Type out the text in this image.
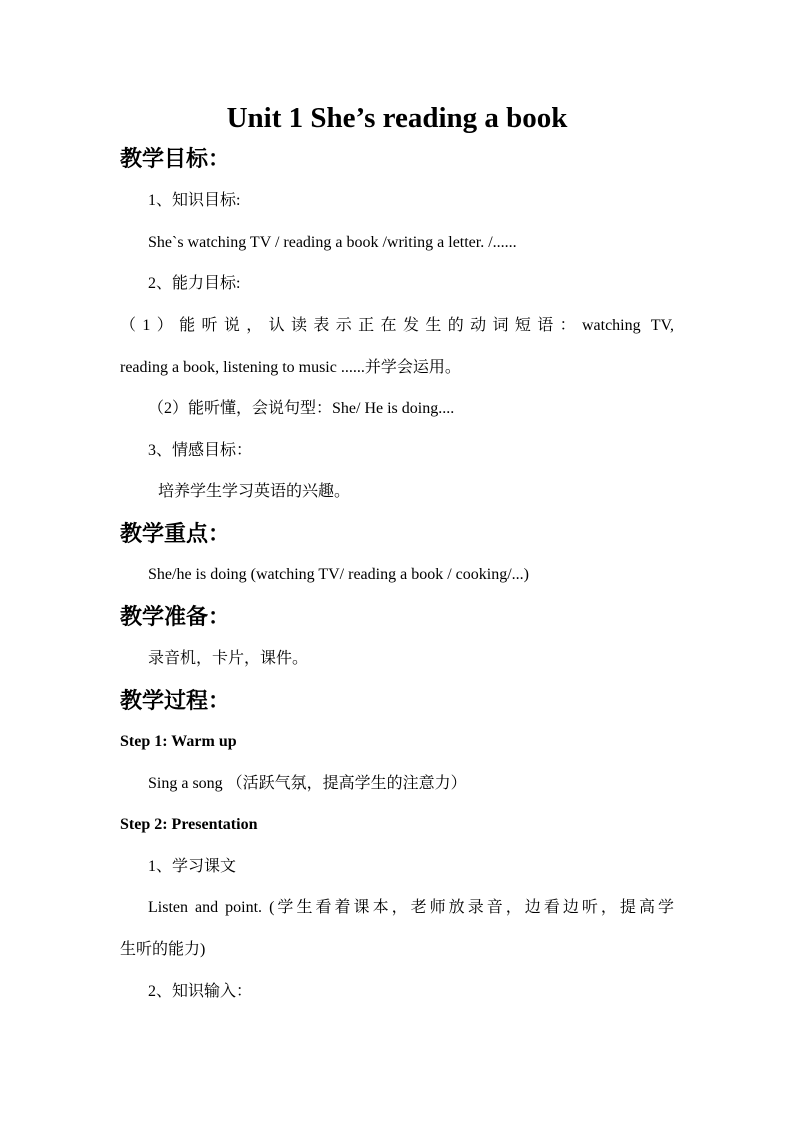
Unit 1 She’s reading a book
教学目标：
1、知识目标:
She`s watching TV / reading a book /writing a letter. /......
2、能力目标:
（1）能听说，认读表示正在发生的动词短语：watching TV,
reading a book, listening to music ......并学会运用。
（2）能听懂，会说句型：She/ He is doing....
3、情感目标：
培养学生学习英语的兴趣。
教学重点：
She/he is doing (watching TV/ reading a book / cooking/...)
教学准备：
录音机，卡片，课件。
教学过程：
Step 1: Warm up
Sing a song （活跃气氛，提高学生的注意力）
Step 2: Presentation
1、学习课文
Listen and point. (学生看着课本，老师放录音，边看边听，提高学
生听的能力)
2、知识输入：
